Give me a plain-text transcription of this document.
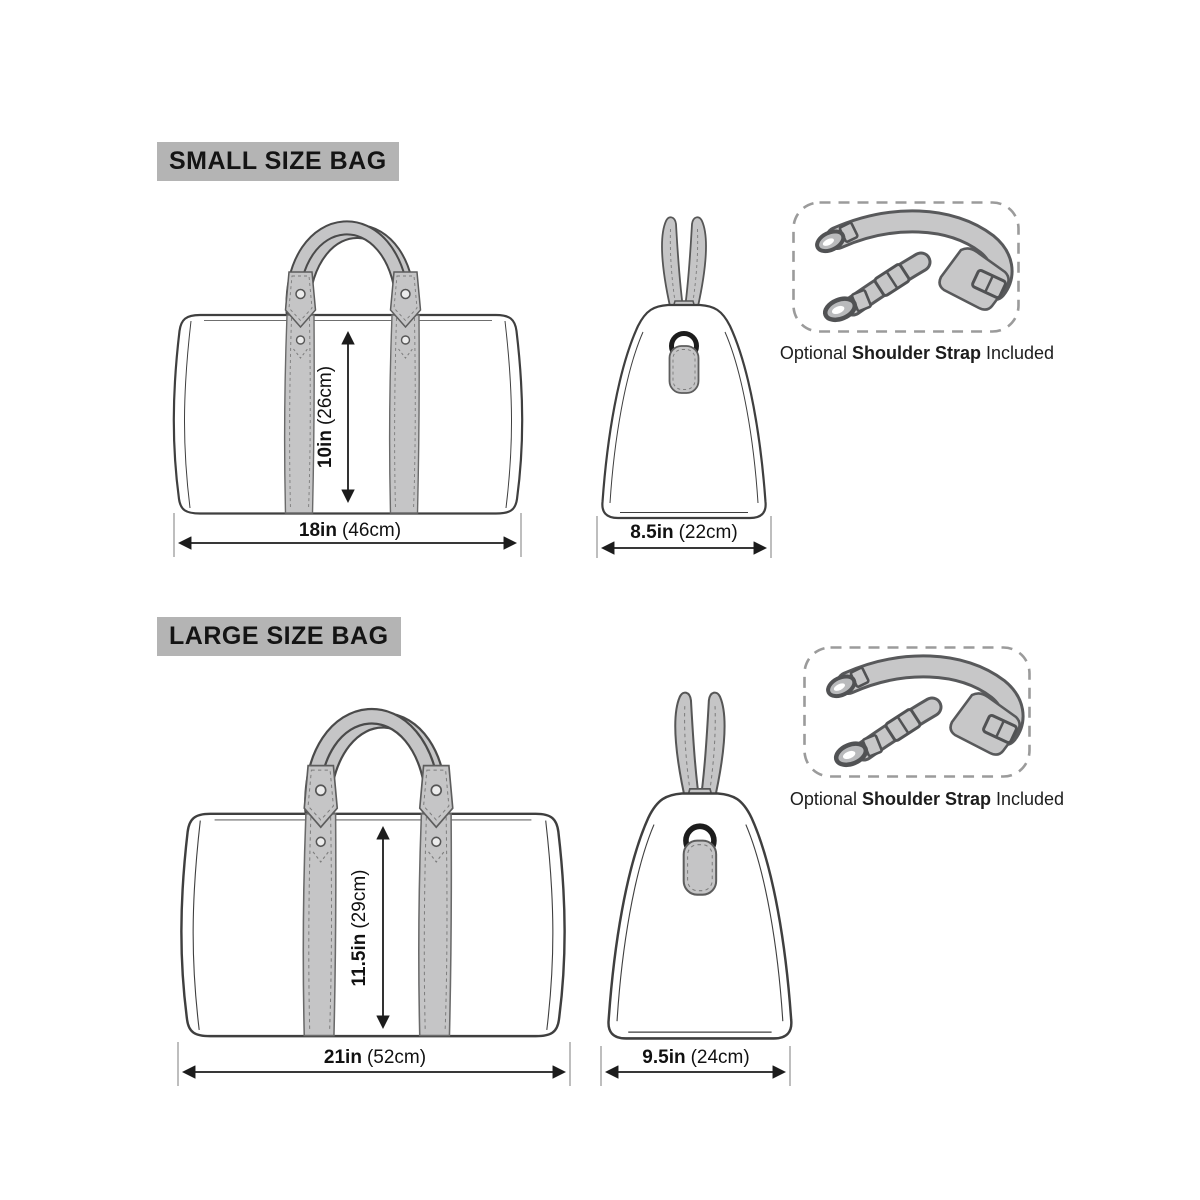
10in(26cm)
18in (46cm)	8.5in (22cm)
11.5in(29cm)
21in (52cm)	9.5in (24cm)
SMALL SIZE BAG
LARGE SIZE BAG
Optional Shoulder Strap Included
Optional Shoulder Strap Included
